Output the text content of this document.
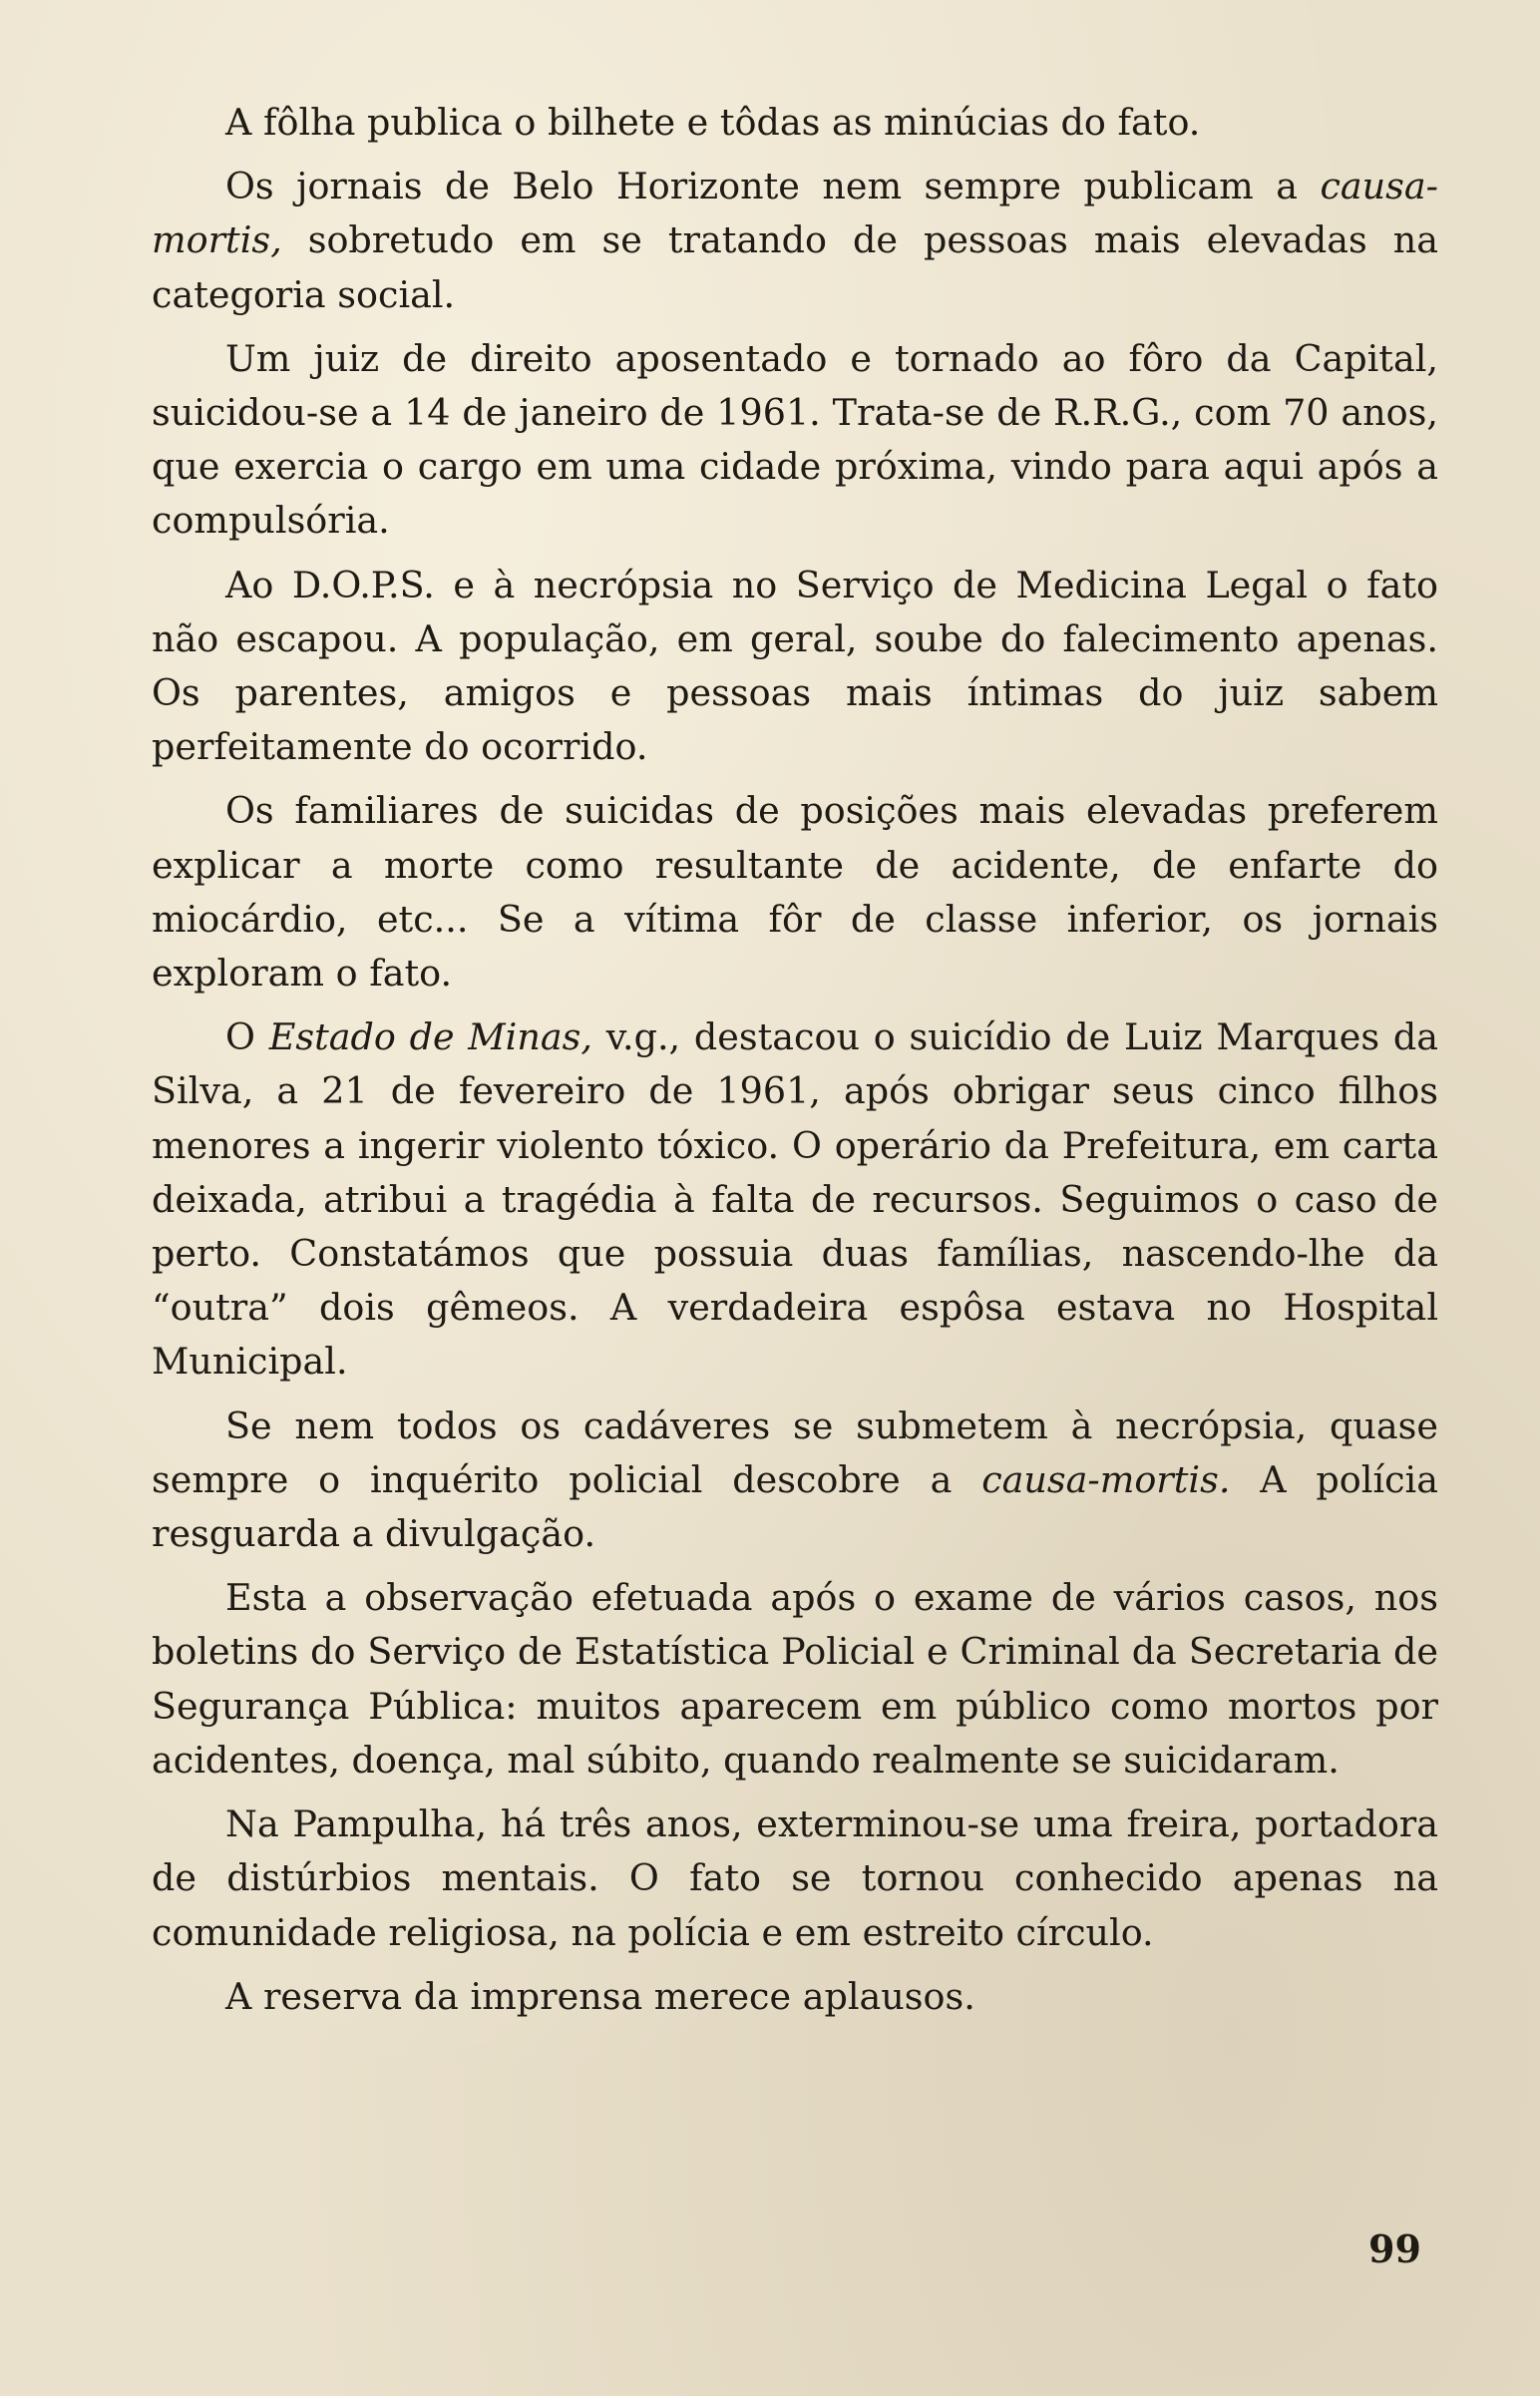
A fôlha publica o bilhete e tôdas as minúcias do fato.

Os jornais de Belo Horizonte nem sempre publicam a causa-mortis, sobretudo em se tratando de pessoas mais elevadas na categoria social.

Um juiz de direito aposentado e tornado ao fôro da Capital, suicidou-se a 14 de janeiro de 1961. Trata-se de R.R.G., com 70 anos, que exercia o cargo em uma cidade próxima, vindo para aqui após a compulsória.

Ao D.O.P.S. e à necrópsia no Serviço de Medicina Legal o fato não escapou. A população, em geral, soube do falecimento apenas. Os parentes, amigos e pessoas mais íntimas do juiz sabem perfeitamente do ocorrido.

Os familiares de suicidas de posições mais elevadas preferem explicar a morte como resultante de acidente, de enfarte do miocárdio, etc... Se a vítima fôr de classe inferior, os jornais exploram o fato.

O Estado de Minas, v.g., destacou o suicídio de Luiz Marques da Silva, a 21 de fevereiro de 1961, após obrigar seus cinco filhos menores a ingerir violento tóxico. O operário da Prefeitura, em carta deixada, atribui a tragédia à falta de recursos. Seguimos o caso de perto. Constatámos que possuia duas famílias, nascendo-lhe da “outra” dois gêmeos. A verdadeira espôsa estava no Hospital Municipal.

Se nem todos os cadáveres se submetem à necrópsia, quase sempre o inquérito policial descobre a causa-mortis. A polícia resguarda a divulgação.

Esta a observação efetuada após o exame de vários casos, nos boletins do Serviço de Estatística Policial e Criminal da Secretaria de Segurança Pública: muitos aparecem em público como mortos por acidentes, doença, mal súbito, quando realmente se suicidaram.

Na Pampulha, há três anos, exterminou-se uma freira, portadora de distúrbios mentais. O fato se tornou conhecido apenas na comunidade religiosa, na polícia e em estreito círculo.

A reserva da imprensa merece aplausos.

99
